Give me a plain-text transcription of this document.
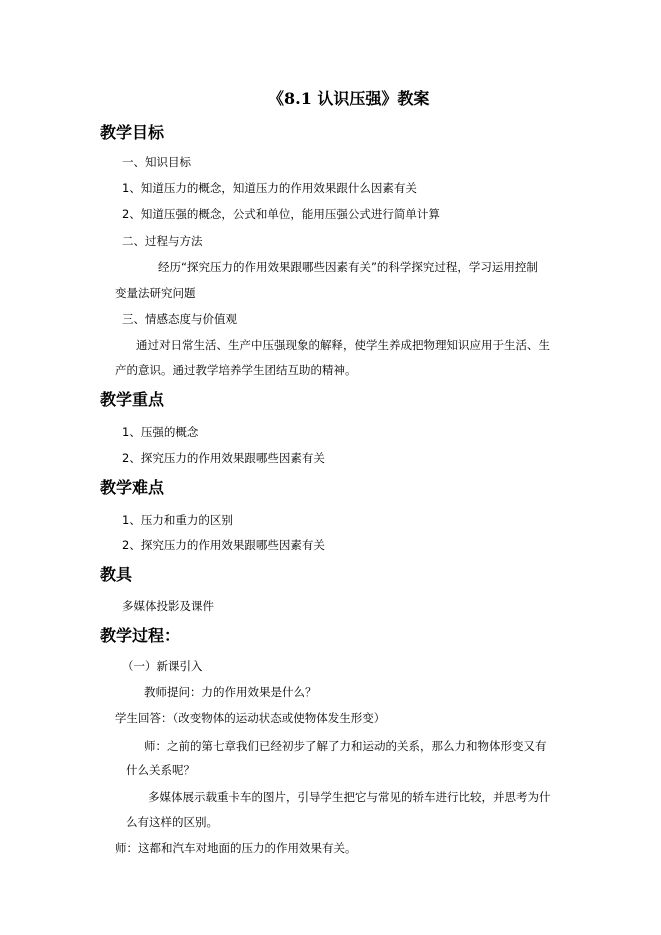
《8.1 认识压强》教案
教学目标
一、知识目标
1、知道压力的概念，知道压力的作用效果跟什么因素有关
2、知道压强的概念，公式和单位，能用压强公式进行简单计算
二、过程与方法
经历“探究压力的作用效果跟哪些因素有关”的科学探究过程，学习运用控制
变量法研究问题
三、情感态度与价值观
通过对日常生活、生产中压强现象的解释，使学生养成把物理知识应用于生活、生
产的意识。通过教学培养学生团结互助的精神。
教学重点
1、压强的概念
2、探究压力的作用效果跟哪些因素有关
教学难点
1、压力和重力的区别
2、探究压力的作用效果跟哪些因素有关
教具
多媒体投影及课件
教学过程：
（一）新课引入
教师提问：力的作用效果是什么？
学生回答：（改变物体的运动状态或使物体发生形变）
师：之前的第七章我们已经初步了解了力和运动的关系，那么力和物体形变又有
什么关系呢？
多媒体展示载重卡车的图片，引导学生把它与常见的轿车进行比较，并思考为什
么有这样的区别。
师：这都和汽车对地面的压力的作用效果有关。
